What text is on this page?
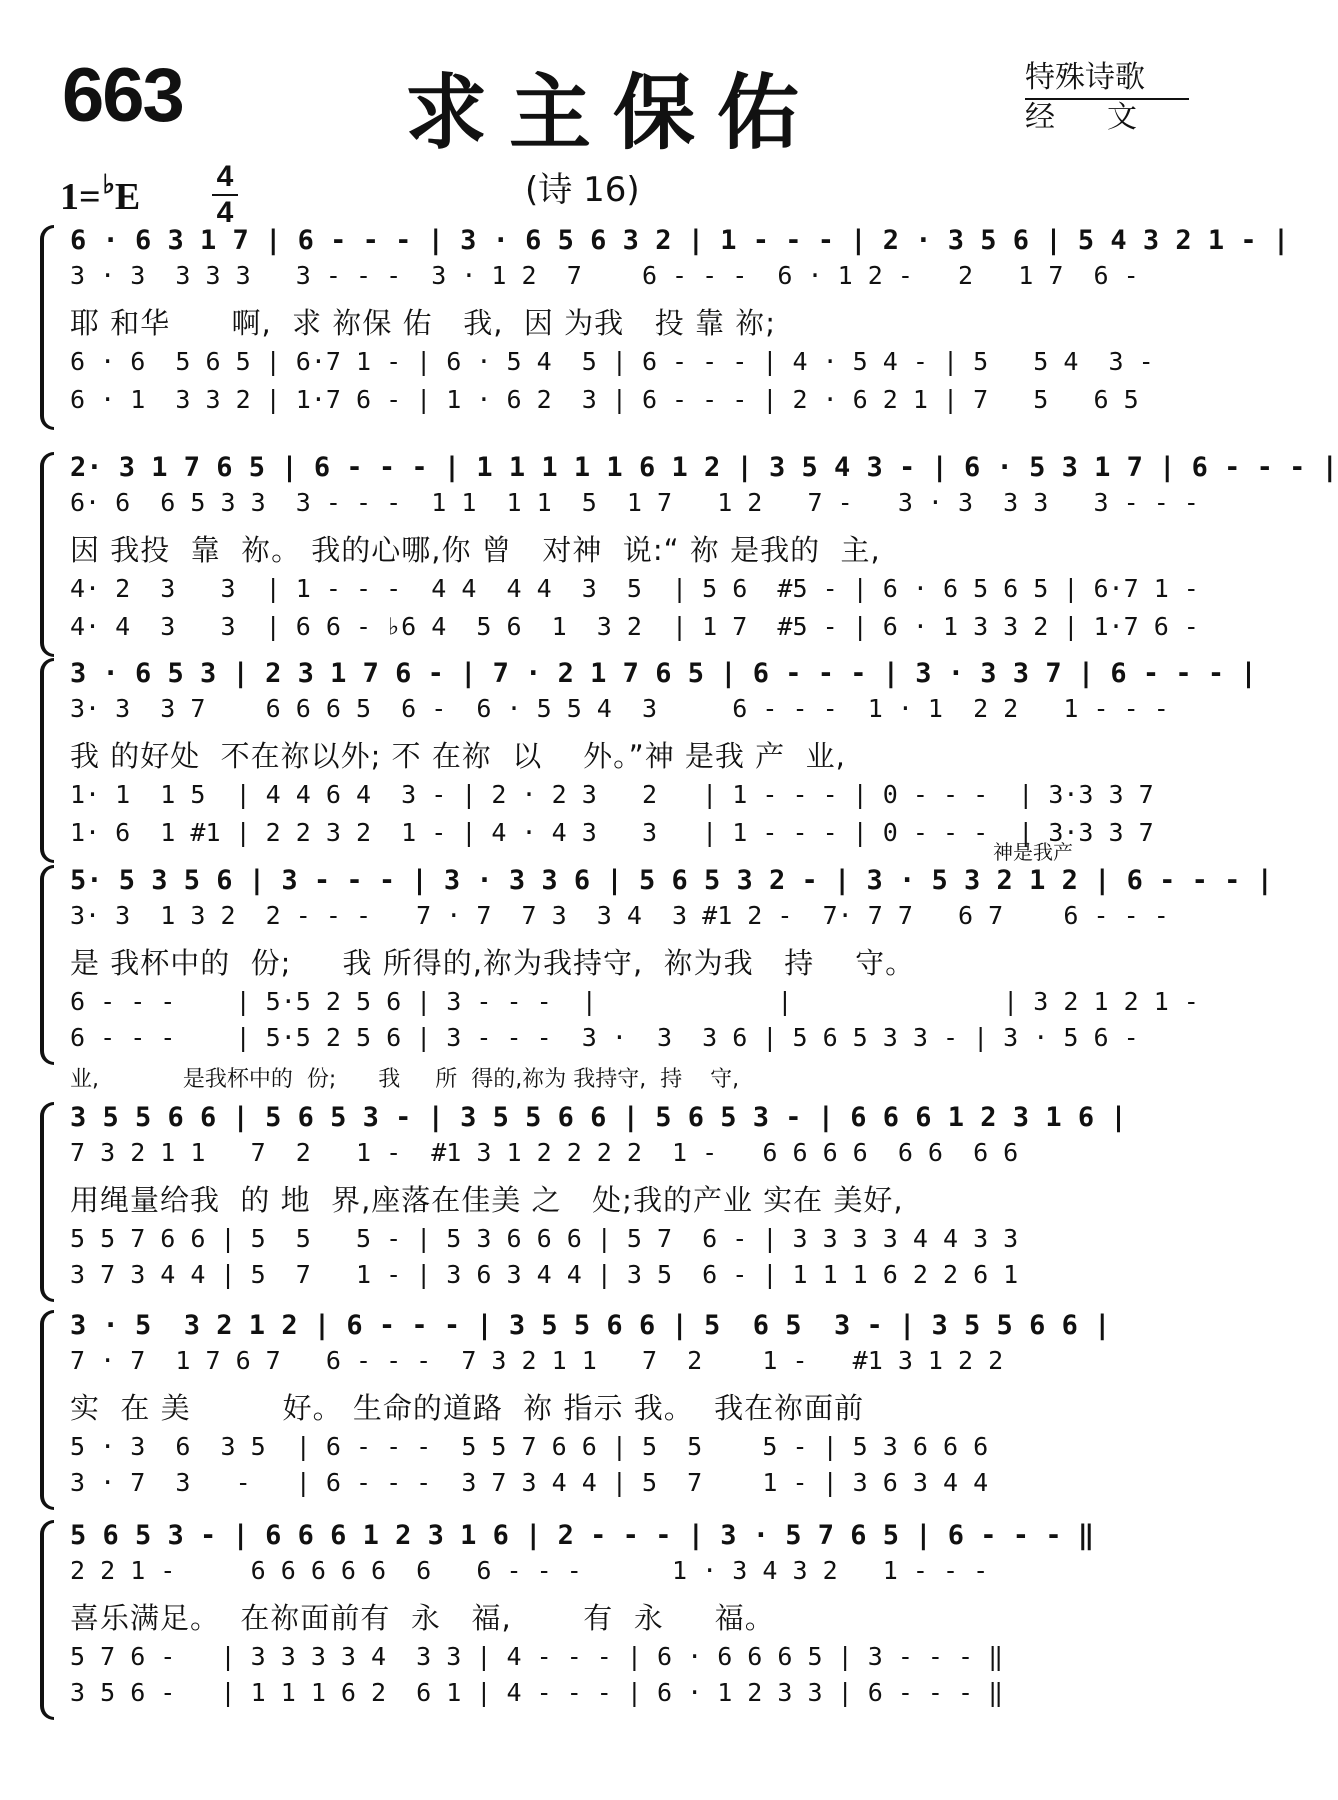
663	求主保佑	特殊诗歌
经文
1=♭E	4
4
(诗 16)
6 · 6 3 1 7 | 6 - - - | 3 · 6 5 6 3 2 | 1 - - - | 2 · 3 5 6 | 5 4 3 2 1 - |
3 · 3  3 3 3   3 - - -  3 · 1 2  7    6 - - -  6 · 1 2 -   2   1 7  6 -
耶 和华      啊,  求 祢保 佑   我,  因 为我   投 靠 祢;
6 · 6  5 6 5 | 6·7 1 - | 6 · 5 4  5 | 6 - - - | 4 · 5 4 - | 5   5 4  3 -
6 · 1  3 3 2 | 1·7 6 - | 1 · 6 2  3 | 6 - - - | 2 · 6 2 1 | 7   5   6 5
2· 3 1 7 6 5 | 6 - - - | 1 1 1 1 1 6 1 2 | 3 5 4 3 - | 6 · 5 3 1 7 | 6 - - - |
6· 6  6 5 3 3  3 - - -  1 1  1 1  5  1 7   1 2   7 -   3 · 3  3 3   3 - - -
因 我投  靠  祢。 我的心哪,你 曾   对神  说:“ 祢 是我的  主,
4· 2  3   3  | 1 - - -  4 4  4 4  3  5  | 5 6  #5 - | 6 · 6 5 6 5 | 6·7 1 -
4· 4  3   3  | 6 6 - ♭6 4  5 6  1  3 2  | 1 7  #5 - | 6 · 1 3 3 2 | 1·7 6 -
3 · 6 5 3 | 2 3 1 7 6 - | 7 · 2 1 7 6 5 | 6 - - - | 3 · 3 3 7 | 6 - - - |
3· 3  3 7    6 6 6 5  6 -  6 · 5 5 4  3     6 - - -  1 · 1  2 2   1 - - -
我 的好处  不在祢以外; 不 在祢  以    外。”神 是我 产  业,
1· 1  1 5  | 4 4 6 4  3 - | 2 · 2 3   2   | 1 - - - | 0 - - -  | 3·3 3 7
1· 6  1 #1 | 2 2 3 2  1 - | 4 · 4 3   3   | 1 - - - | 0 - - -  | 3·3 3 7
神是我产
5· 5 3 5 6 | 3 - - - | 3 · 3 3 6 | 5 6 5 3 2 - | 3 · 5 3 2 1 2 | 6 - - - |
3· 3  1 3 2  2 - - -   7 · 7  7 3  3 4  3 #1 2 -  7· 7 7   6 7    6 - - -
是 我杯中的  份;     我 所得的,祢为我持守,  祢为我   持    守。
6 - - -    | 5·5 2 5 6 | 3 - - -  |            |              | 3 2 1 2 1 -
6 - - -    | 5·5 2 5 6 | 3 - - -  3 ·  3  3 6 | 5 6 5 3 3 - | 3 · 5 6 -
业,            是我杯中的  份;      我     所  得的,祢为 我持守,  持    守,
3 5 5 6 6 | 5 6 5 3 - | 3 5 5 6 6 | 5 6 5 3 - | 6 6 6 1 2 3 1 6 |
7 3 2 1 1   7  2   1 -  #1 3 1 2 2 2 2  1 -   6 6 6 6  6 6  6 6
用绳量给我  的 地  界,座落在佳美 之   处;我的产业 实在 美好,
5 5 7 6 6 | 5  5   5 - | 5 3 6 6 6 | 5 7  6 - | 3 3 3 3 4 4 3 3
3 7 3 4 4 | 5  7   1 - | 3 6 3 4 4 | 3 5  6 - | 1 1 1 6 2 2 6 1
3 · 5  3 2 1 2 | 6 - - - | 3 5 5 6 6 | 5  6 5  3 - | 3 5 5 6 6 |
7 · 7  1 7 6 7   6 - - -  7 3 2 1 1   7  2    1 -   #1 3 1 2 2
实  在 美         好。 生命的道路  祢 指示 我。  我在祢面前
5 · 3  6  3 5  | 6 - - -  5 5 7 6 6 | 5  5    5 - | 5 3 6 6 6
3 · 7  3   -   | 6 - - -  3 7 3 4 4 | 5  7    1 - | 3 6 3 4 4
5 6 5 3 - | 6 6 6 1 2 3 1 6 | 2 - - - | 3 · 5 7 6 5 | 6 - - - ‖
2 2 1 -     6 6 6 6 6  6   6 - - -      1 · 3 4 3 2   1 - - -
喜乐满足。  在祢面前有  永   福,       有  永     福。
5 7 6 -   | 3 3 3 3 4  3 3 | 4 - - - | 6 · 6 6 6 5 | 3 - - - ‖
3 5 6 -   | 1 1 1 6 2  6 1 | 4 - - - | 6 · 1 2 3 3 | 6 - - - ‖
